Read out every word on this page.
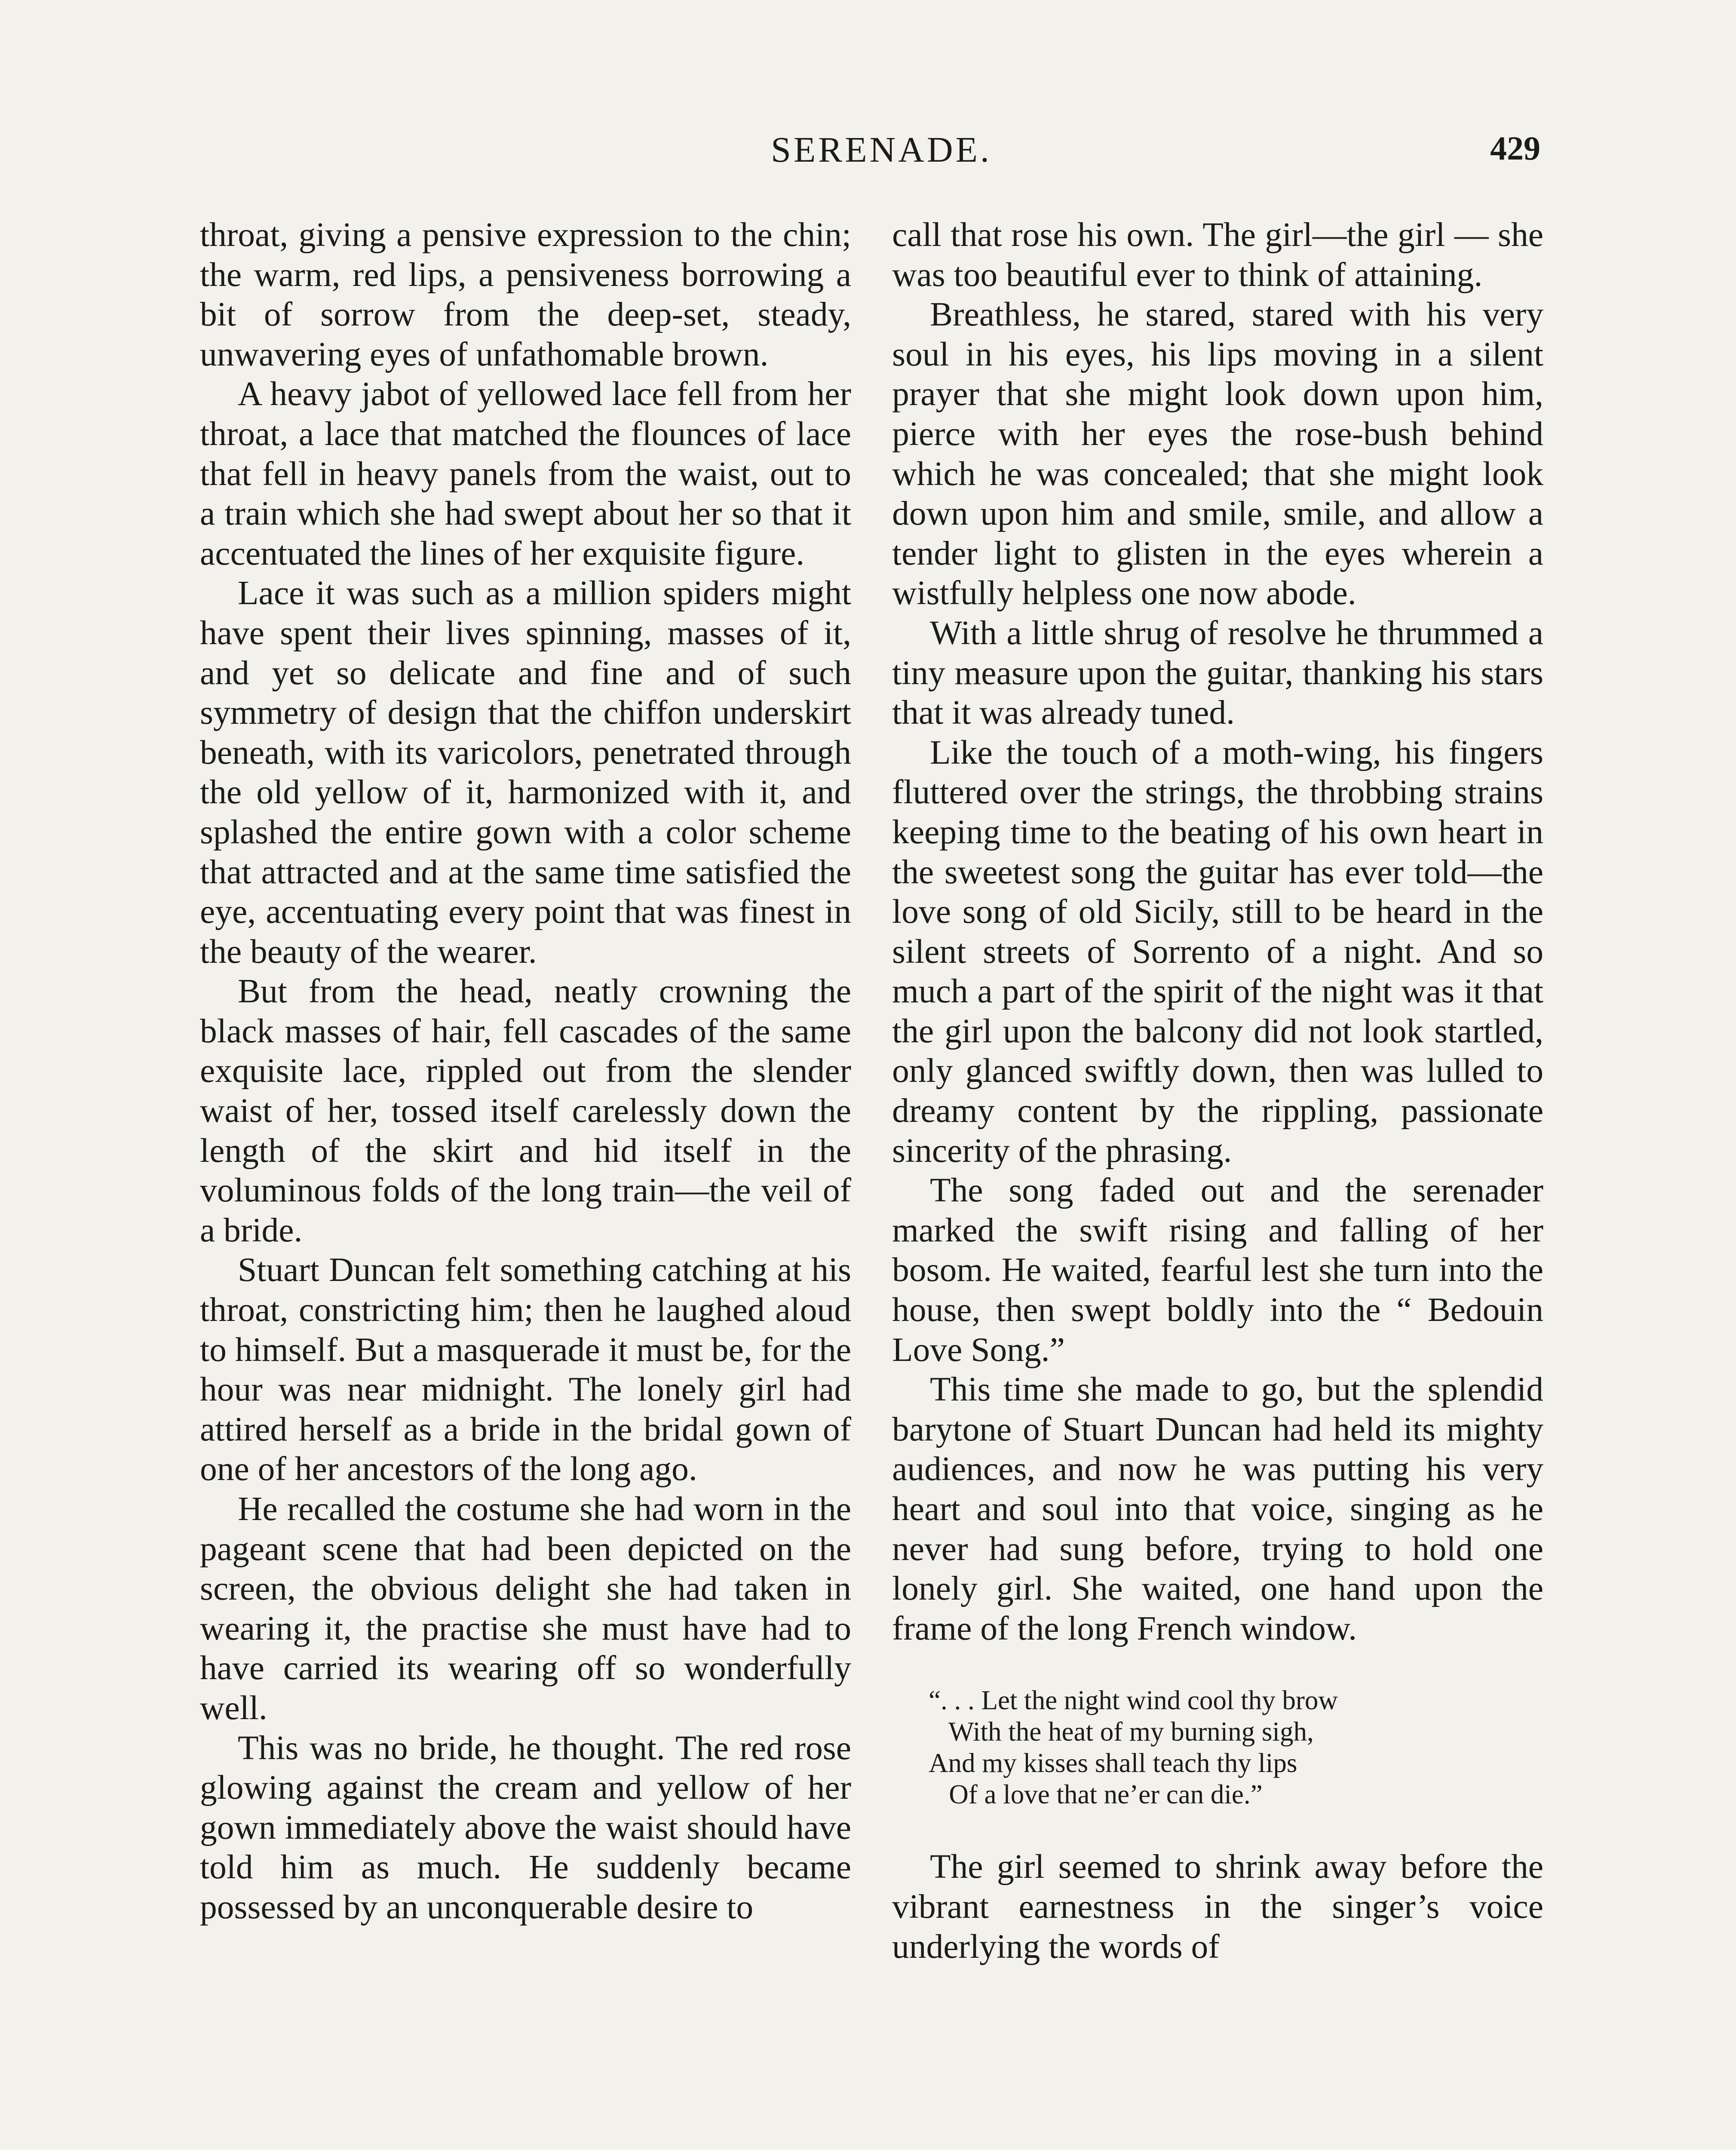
SERENADE.	429

throat, giving a pensive expression to the chin; the warm, red lips, a pensiveness borrowing a bit of sorrow from the deep-set, steady, unwavering eyes of unfathomable brown.

A heavy jabot of yellowed lace fell from her throat, a lace that matched the flounces of lace that fell in heavy panels from the waist, out to a train which she had swept about her so that it accentuated the lines of her exquisite figure.

Lace it was such as a million spiders might have spent their lives spinning, masses of it, and yet so delicate and fine and of such symmetry of design that the chiffon underskirt beneath, with its varicolors, penetrated through the old yellow of it, harmonized with it, and splashed the entire gown with a color scheme that attracted and at the same time satisfied the eye, accentuating every point that was finest in the beauty of the wearer.

But from the head, neatly crowning the black masses of hair, fell cascades of the same exquisite lace, rippled out from the slender waist of her, tossed itself carelessly down the length of the skirt and hid itself in the voluminous folds of the long train—the veil of a bride.

Stuart Duncan felt something catching at his throat, constricting him; then he laughed aloud to himself. But a masquerade it must be, for the hour was near midnight. The lonely girl had attired herself as a bride in the bridal gown of one of her ancestors of the long ago.

He recalled the costume she had worn in the pageant scene that had been depicted on the screen, the obvious delight she had taken in wearing it, the practise she must have had to have carried its wearing off so wonderfully well.

This was no bride, he thought. The red rose glowing against the cream and yellow of her gown immediately above the waist should have told him as much. He suddenly became possessed by an unconquerable desire to

call that rose his own. The girl—the girl — she was too beautiful ever to think of attaining.

Breathless, he stared, stared with his very soul in his eyes, his lips moving in a silent prayer that she might look down upon him, pierce with her eyes the rose-bush behind which he was concealed; that she might look down upon him and smile, smile, and allow a tender light to glisten in the eyes wherein a wistfully helpless one now abode.

With a little shrug of resolve he thrummed a tiny measure upon the guitar, thanking his stars that it was already tuned.

Like the touch of a moth-wing, his fingers fluttered over the strings, the throbbing strains keeping time to the beating of his own heart in the sweetest song the guitar has ever told—the love song of old Sicily, still to be heard in the silent streets of Sorrento of a night. And so much a part of the spirit of the night was it that the girl upon the balcony did not look startled, only glanced swiftly down, then was lulled to dreamy content by the rippling, passionate sincerity of the phrasing.

The song faded out and the serenader marked the swift rising and falling of her bosom. He waited, fearful lest she turn into the house, then swept boldly into the “ Bedouin Love Song.”

This time she made to go, but the splendid barytone of Stuart Duncan had held its mighty audiences, and now he was putting his very heart and soul into that voice, singing as he never had sung before, trying to hold one lonely girl. She waited, one hand upon the frame of the long French window.

“. . . Let the night wind cool thy brow
With the heat of my burning sigh,
And my kisses shall teach thy lips
Of a love that ne’er can die.”

The girl seemed to shrink away before the vibrant earnestness in the singer’s voice underlying the words of
